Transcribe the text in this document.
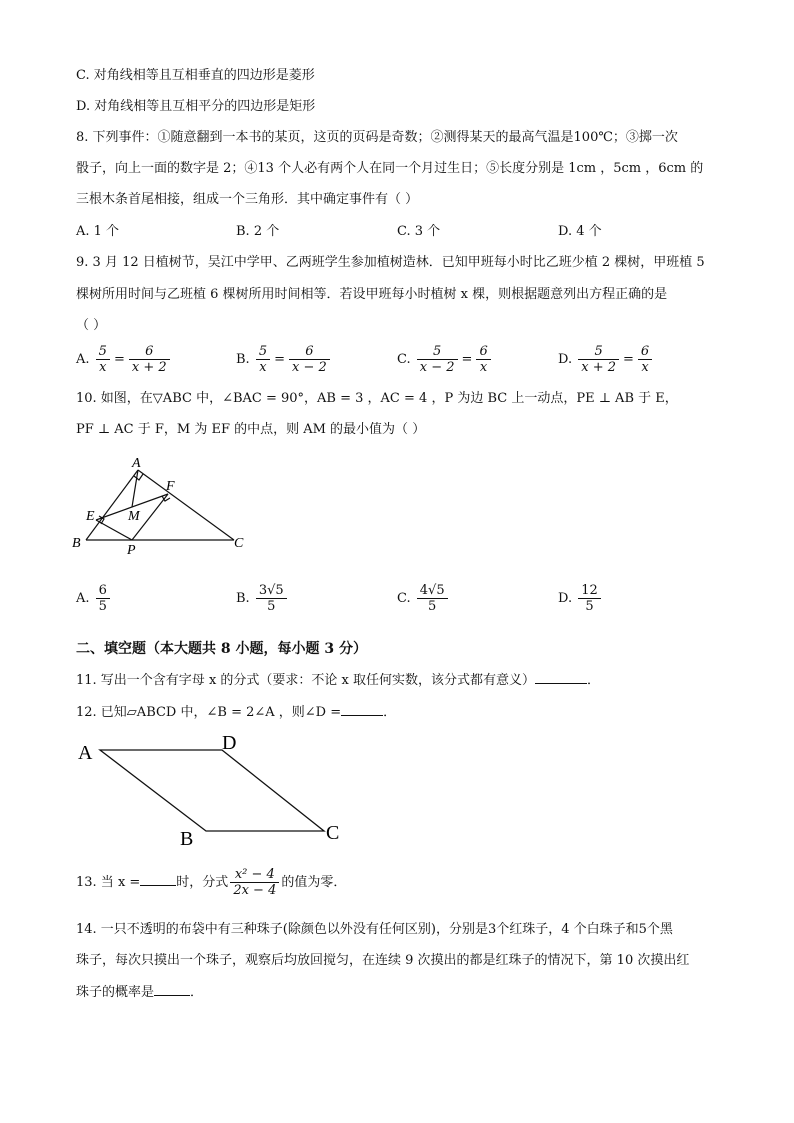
C. 对角线相等且互相垂直的四边形是菱形
D. 对角线相等且互相平分的四边形是矩形
8. 下列事件：①随意翻到一本书的某页，这页的页码是奇数；②测得某天的最高气温是100℃；③掷一次
骰子，向上一面的数字是 2；④13 个人必有两个人在同一个月过生日；⑤长度分别是 1cm ，5cm ，6cm 的
三根木条首尾相接，组成一个三角形．其中确定事件有（ ）
A. 1 个	B. 2 个	C. 3 个	D. 4 个
9. 3 月 12 日植树节，吴江中学甲、乙两班学生参加植树造林．已知甲班每小时比乙班少植 2 棵树，甲班植 5
棵树所用时间与乙班植 6 棵树所用时间相等．若设甲班每小时植树 x 棵，则根据题意列出方程正确的是
（ ）
A. $\frac{5}{x} = \frac{6}{x + 2}$	B. $\frac{5}{x} = \frac{6}{x - 2}$	C. $\frac{5}{x - 2} = \frac{6}{x}$	D. $\frac{5}{x + 2} = \frac{6}{x}$
10. 如图，在▽ABC 中，∠BAC = 90°，AB = 3 ，AC = 4 ，P 为边 BC 上一动点，PE ⊥ AB 于 E，
PF ⊥ AC 于 F，M 为 EF 的中点，则 AM 的最小值为（ ）
A
B	C
E
F
M
P
A. $\frac{6}{5}$	B. $\frac{3√5}{5}$	C. $\frac{4√5}{5}$	D. $\frac{12}{5}$
二、填空题（本大题共 8 小题，每小题 3 分）
11. 写出一个含有字母 x 的分式（要求：不论 x 取任何实数，该分式都有意义）	．
12. 已知▱ABCD 中，∠B = 2∠A ，则∠D =	．
A	D
B	C
13. 当 x =	时，分式 $\frac{\text{x² − 4}}{2x - 4}$ 的值为零．
14. 一只不透明的布袋中有三种珠子(除颜色以外没有任何区别)，分别是3个红珠子，4 个白珠子和5个黑
珠子，每次只摸出一个珠子，观察后均放回搅匀，在连续 9 次摸出的都是红珠子的情况下，第 10 次摸出红
珠子的概率是	．
